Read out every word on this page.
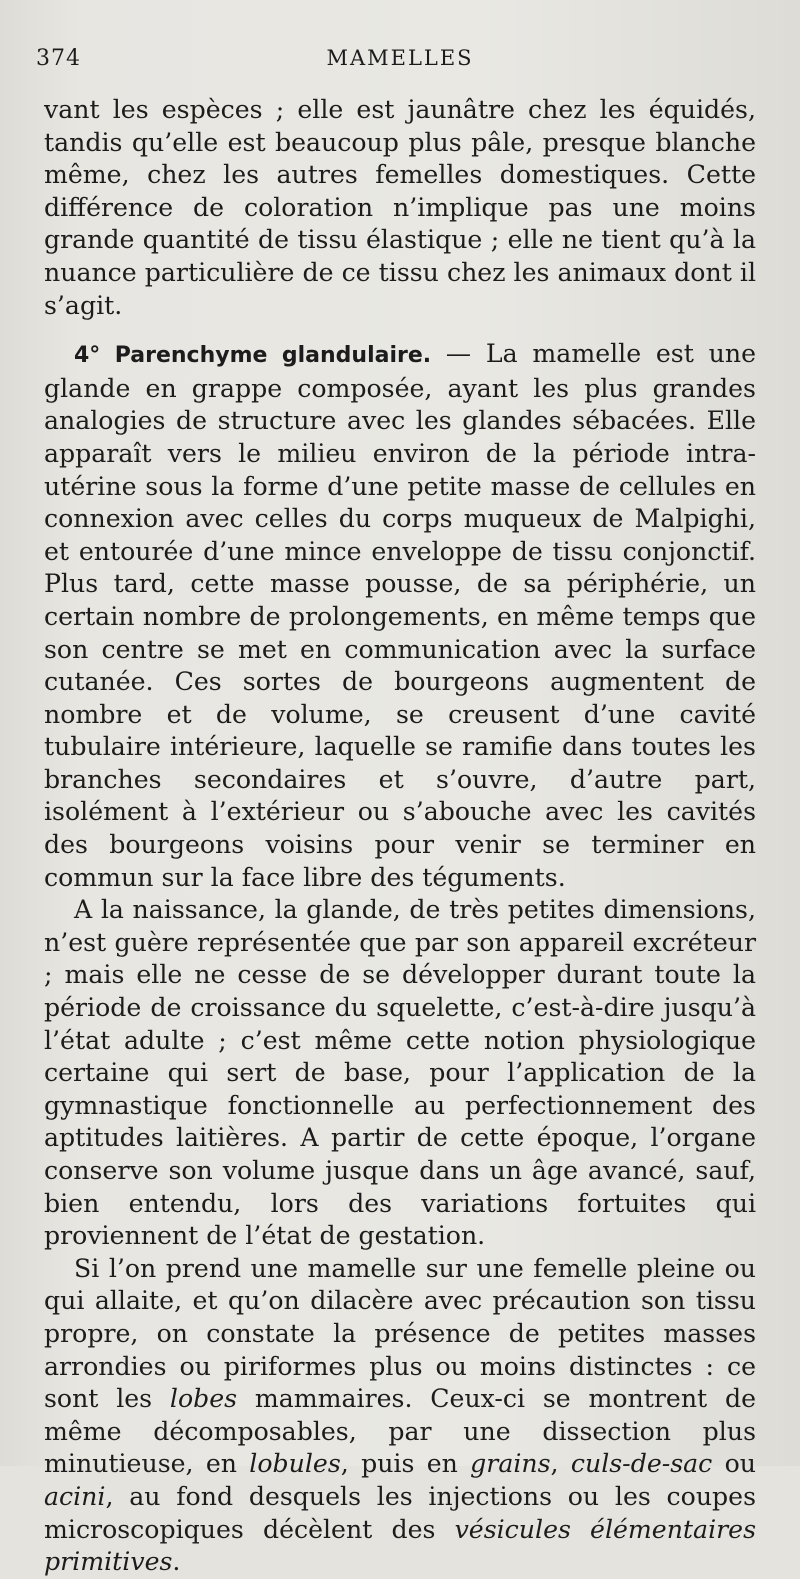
374	MAMELLES

vant les espèces ; elle est jaunâtre chez les équidés, tandis qu’elle est beaucoup plus pâle, presque blanche même, chez les autres femelles domestiques. Cette différence de coloration n’implique pas une moins grande quantité de tissu élastique ; elle ne tient qu’à la nuance particulière de ce tissu chez les animaux dont il s’agit.

4° Parenchyme glandulaire. — La mamelle est une glande en grappe composée, ayant les plus grandes analogies de structure avec les glandes sébacées. Elle apparaît vers le milieu environ de la période intra-utérine sous la forme d’une petite masse de cellules en connexion avec celles du corps muqueux de Malpighi, et entourée d’une mince enveloppe de tissu conjonctif. Plus tard, cette masse pousse, de sa périphérie, un certain nombre de prolongements, en même temps que son centre se met en communication avec la surface cutanée. Ces sortes de bourgeons augmentent de nombre et de volume, se creusent d’une cavité tubulaire intérieure, laquelle se ramifie dans toutes les branches secondaires et s’ouvre, d’autre part, isolément à l’extérieur ou s’abouche avec les cavités des bourgeons voisins pour venir se terminer en commun sur la face libre des téguments.

A la naissance, la glande, de très petites dimensions, n’est guère représentée que par son appareil excréteur ; mais elle ne cesse de se développer durant toute la période de croissance du squelette, c’est-à-dire jusqu’à l’état adulte ; c’est même cette notion physiologique certaine qui sert de base, pour l’application de la gymnastique fonctionnelle au perfectionnement des aptitudes laitières. A partir de cette époque, l’organe conserve son volume jusque dans un âge avancé, sauf, bien entendu, lors des variations fortuites qui proviennent de l’état de gestation.

Si l’on prend une mamelle sur une femelle pleine ou qui allaite, et qu’on dilacère avec précaution son tissu propre, on constate la présence de petites masses arrondies ou piriformes plus ou moins distinctes : ce sont les lobes mammaires. Ceux-ci se montrent de même décomposables, par une dissection plus minutieuse, en lobules, puis en grains, culs-de-sac ou acini, au fond desquels les injections ou les coupes microscopiques décèlent des vésicules élémentaires primitives.
